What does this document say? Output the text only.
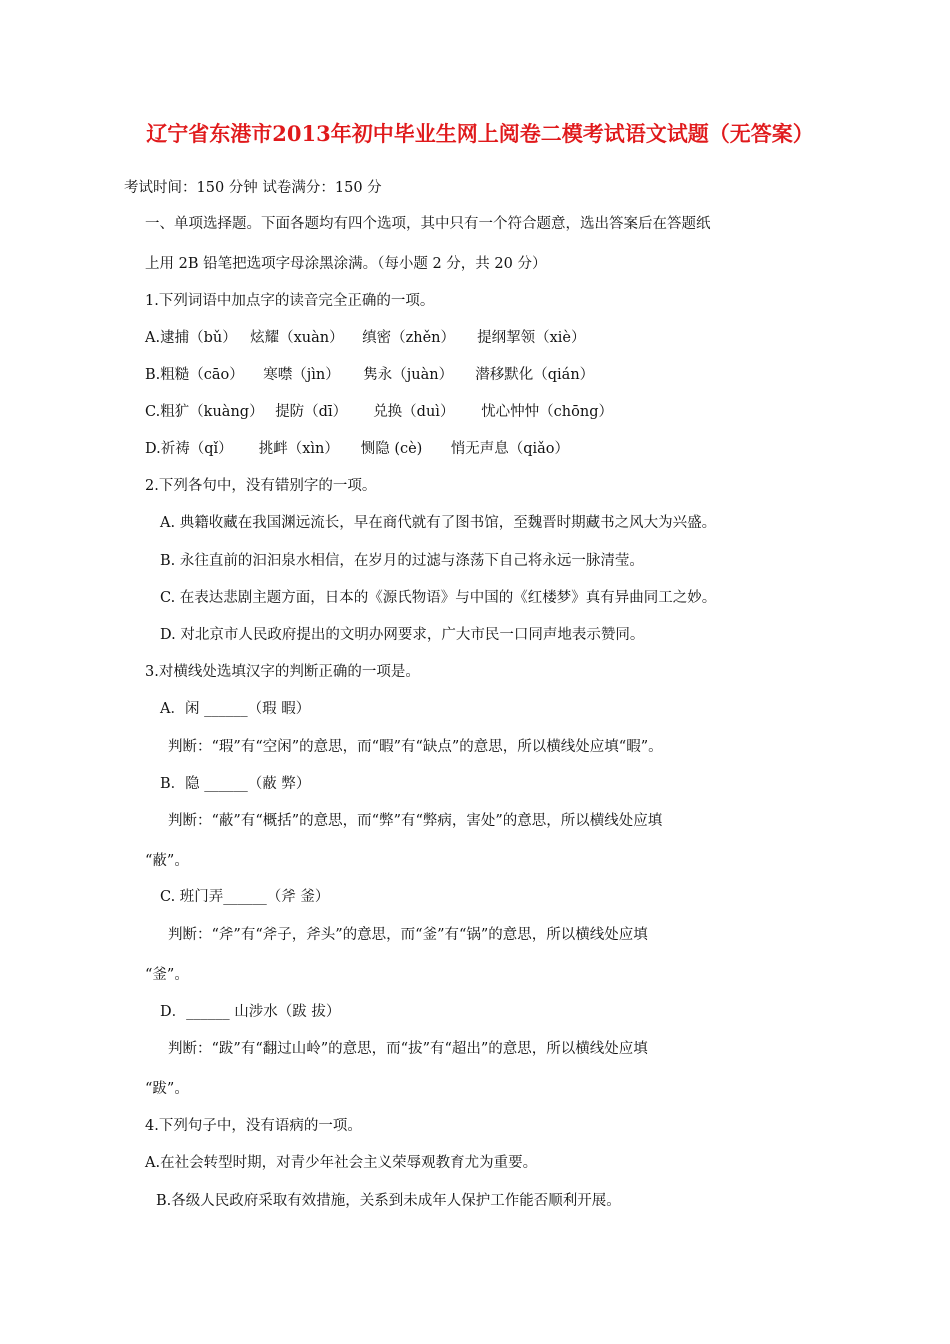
辽宁省东港市2013年初中毕业生网上阅卷二模考试语文试题（无答案）
考试时间：150 分钟 试卷满分：150 分
一、单项选择题。下面各题均有四个选项，其中只有一个符合题意，选出答案后在答题纸
上用 2B 铅笔把选项字母涂黑涂满。（每小题 2 分，共 20 分）
1.下列词语中加点字的读音完全正确的一项。
A.逮捕（bǔ） 炫耀（xuàn） 缜密（zhěn） 提纲挈领（xiè）
B.粗糙（cāo） 寒噤（jìn） 隽永（juàn） 潜移默化（qián）
C.粗犷（kuàng） 提防（dī） 兑换（duì） 忧心忡忡（chōng）
D.祈祷（qǐ） 挑衅（xìn） 恻隐 (cè) 悄无声息（qiǎo）
2.下列各句中，没有错别字的一项。
A. 典籍收藏在我国渊远流长，早在商代就有了图书馆，至魏晋时期藏书之风大为兴盛。
B. 永往直前的汩汩泉水相信，在岁月的过滤与涤荡下自己将永远一脉清莹。
C. 在表达悲剧主题方面，日本的《源氏物语》与中国的《红楼梦》真有异曲同工之妙。
D. 对北京市人民政府提出的文明办网要求，广大市民一口同声地表示赞同。
3.对横线处选填汉字的判断正确的一项是。
A．闲 ______（瑕 暇）
判断：“瑕”有“空闲”的意思，而“暇”有“缺点”的意思，所以横线处应填“暇”。
B．隐 ______（蔽 弊）
判断：“蔽”有“概括”的意思，而“弊”有“弊病，害处”的意思，所以横线处应填
“蔽”。
C. 班门弄______（斧 釜）
判断：“斧”有“斧子，斧头”的意思，而“釜”有“锅”的意思，所以横线处应填
“釜”。
D．______ 山涉水（跋 拔）
判断：“跋”有“翻过山岭”的意思，而“拔”有“超出”的意思，所以横线处应填
“跋”。
4.下列句子中，没有语病的一项。
A.在社会转型时期，对青少年社会主义荣辱观教育尤为重要。
B.各级人民政府采取有效措施，关系到未成年人保护工作能否顺利开展。
